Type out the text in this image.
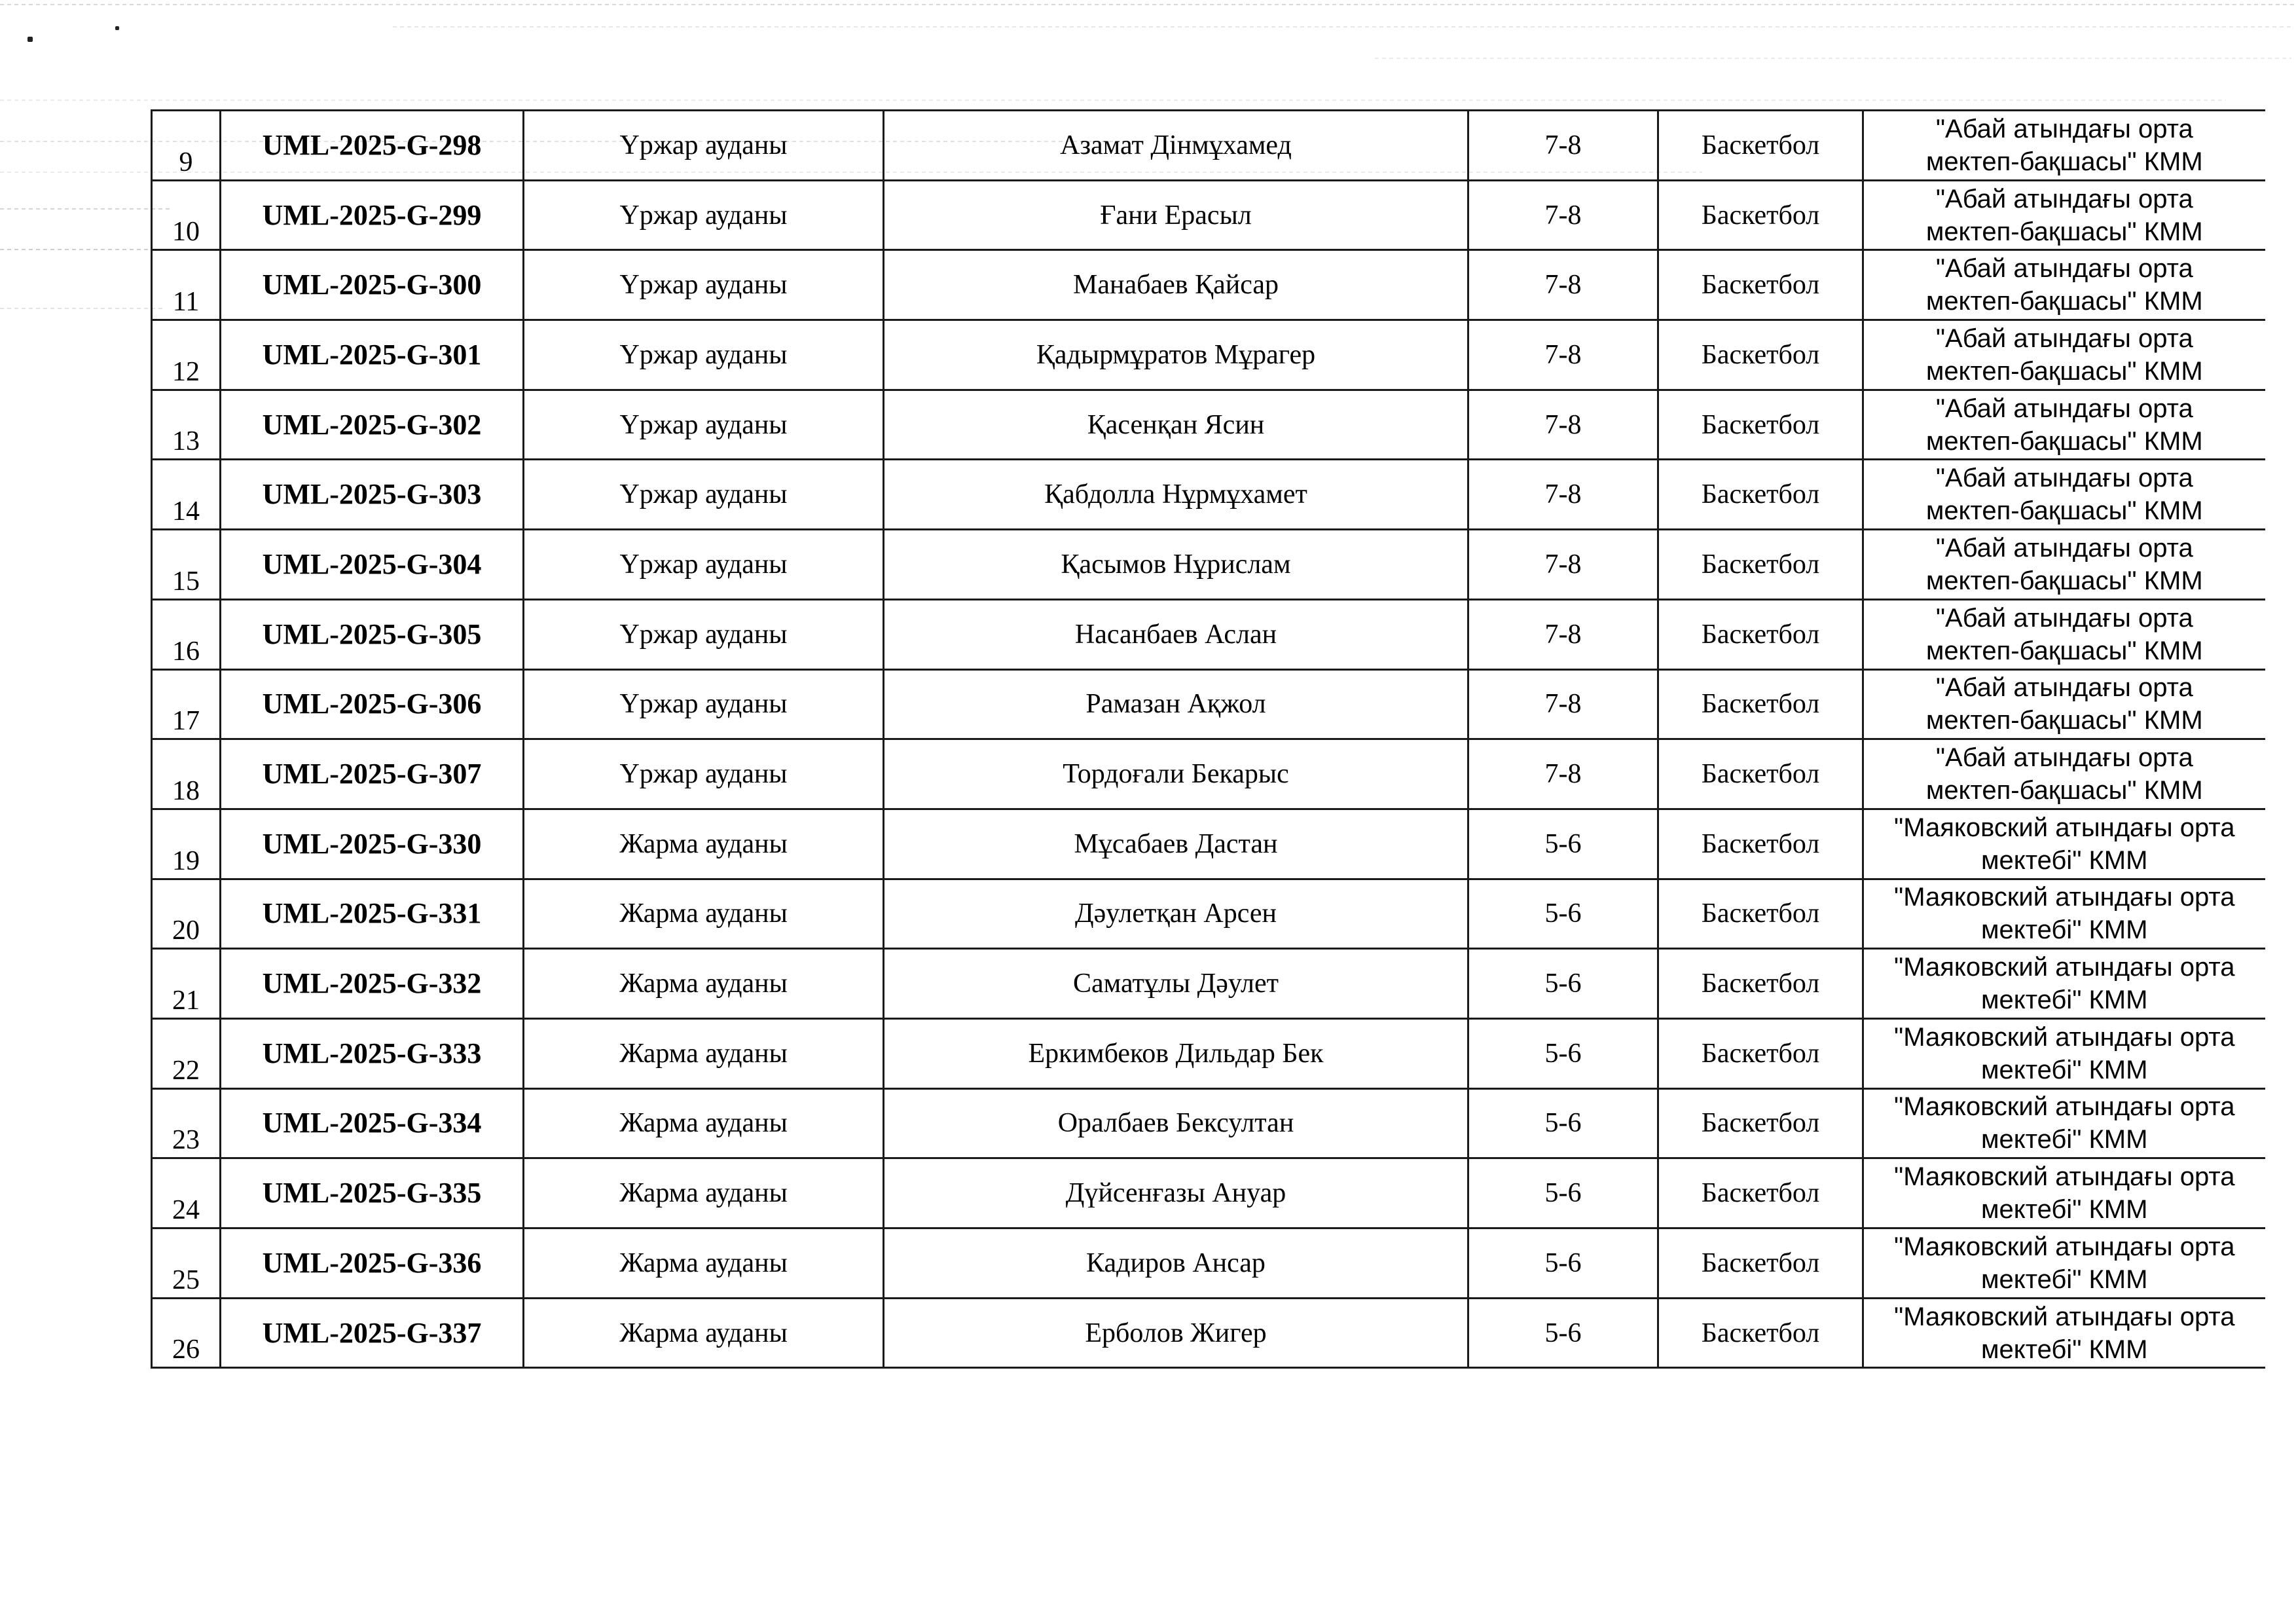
9	UML-2025-G-298	Үржар ауданы	Азамат Дінмұхамед	7-8	Баскетбол	"Абай атындағы орта
мектеп-бақшасы" КММ

10	UML-2025-G-299	Үржар ауданы	Ғани Ерасыл	7-8	Баскетбол	"Абай атындағы орта
мектеп-бақшасы" КММ

11	UML-2025-G-300	Үржар ауданы	Манабаев Қайсар	7-8	Баскетбол	"Абай атындағы орта
мектеп-бақшасы" КММ

12	UML-2025-G-301	Үржар ауданы	Қадырмұратов Мұрагер	7-8	Баскетбол	"Абай атындағы орта
мектеп-бақшасы" КММ

13	UML-2025-G-302	Үржар ауданы	Қасенқан Ясин	7-8	Баскетбол	"Абай атындағы орта
мектеп-бақшасы" КММ

14	UML-2025-G-303	Үржар ауданы	Қабдолла Нұрмұхамет	7-8	Баскетбол	"Абай атындағы орта
мектеп-бақшасы" КММ

15	UML-2025-G-304	Үржар ауданы	Қасымов Нұрислам	7-8	Баскетбол	"Абай атындағы орта
мектеп-бақшасы" КММ

16	UML-2025-G-305	Үржар ауданы	Насанбаев Аслан	7-8	Баскетбол	"Абай атындағы орта
мектеп-бақшасы" КММ

17	UML-2025-G-306	Үржар ауданы	Рамазан Ақжол	7-8	Баскетбол	"Абай атындағы орта
мектеп-бақшасы" КММ

18	UML-2025-G-307	Үржар ауданы	Тордоғали Бекарыс	7-8	Баскетбол	"Абай атындағы орта
мектеп-бақшасы" КММ

19	UML-2025-G-330	Жарма ауданы	Мұсабаев Дастан	5-6	Баскетбол	"Маяковский атындағы орта
мектебі" КММ

20	UML-2025-G-331	Жарма ауданы	Дәулетқан Арсен	5-6	Баскетбол	"Маяковский атындағы орта
мектебі" КММ

21	UML-2025-G-332	Жарма ауданы	Саматұлы Дәулет	5-6	Баскетбол	"Маяковский атындағы орта
мектебі" КММ

22	UML-2025-G-333	Жарма ауданы	Еркимбеков Дильдар Бек	5-6	Баскетбол	"Маяковский атындағы орта
мектебі" КММ

23	UML-2025-G-334	Жарма ауданы	Оралбаев Бексултан	5-6	Баскетбол	"Маяковский атындағы орта
мектебі" КММ

24	UML-2025-G-335	Жарма ауданы	Дүйсенғазы Ануар	5-6	Баскетбол	"Маяковский атындағы орта
мектебі" КММ

25	UML-2025-G-336	Жарма ауданы	Кадиров Ансар	5-6	Баскетбол	"Маяковский атындағы орта
мектебі" КММ

26	UML-2025-G-337	Жарма ауданы	Ерболов Жигер	5-6	Баскетбол	"Маяковский атындағы орта
мектебі" КММ
